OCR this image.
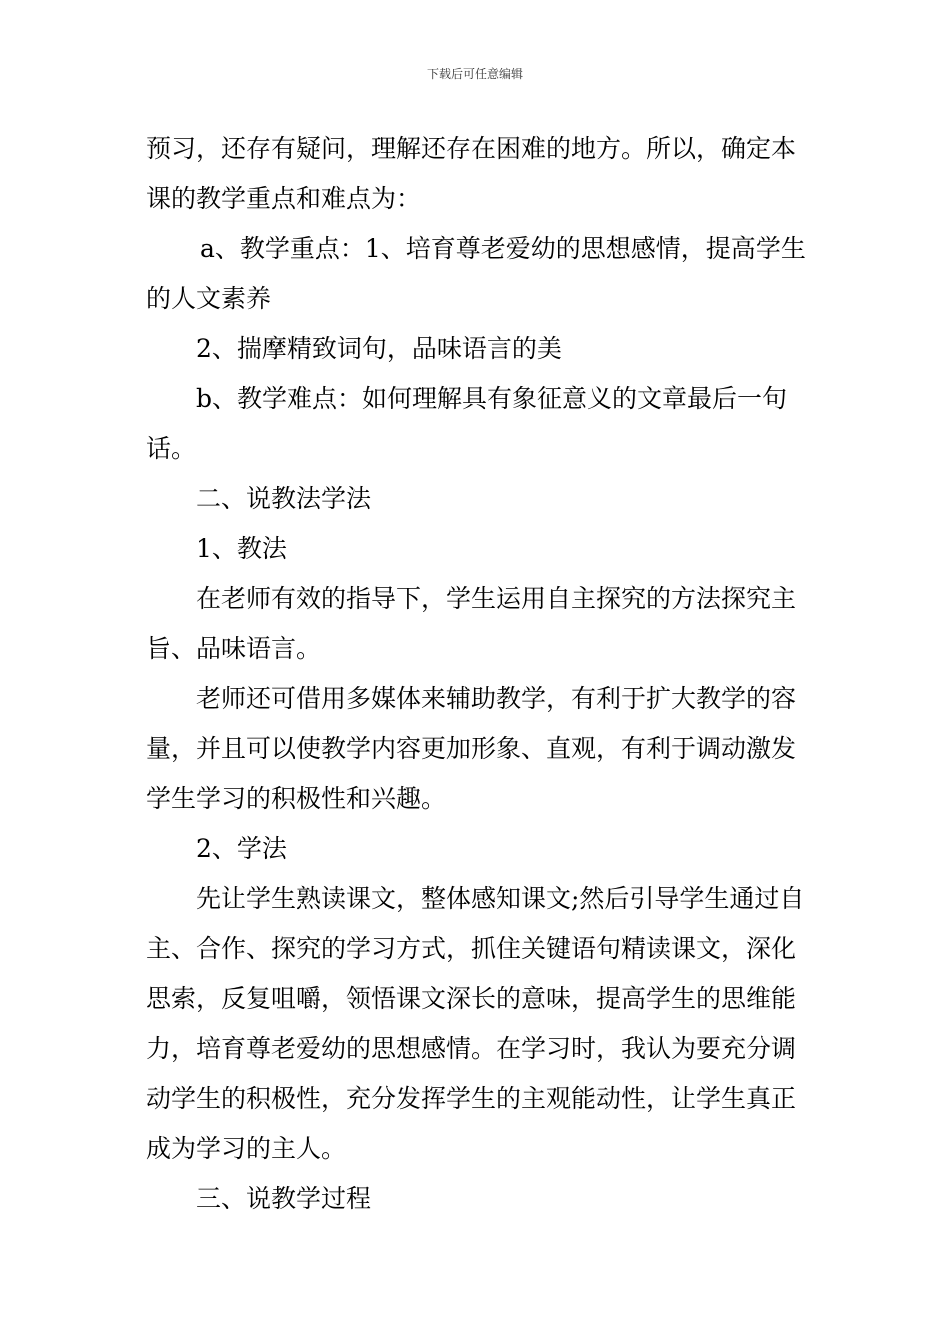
下载后可任意编辑

预习，还存有疑问，理解还存在困难的地方。所以，确定本课的教学重点和难点为：

a、教学重点：1、培育尊老爱幼的思想感情，提高学生的人文素养

2、揣摩精致词句，品味语言的美

b、教学难点：如何理解具有象征意义的文章最后一句话。

二、说教法学法

1、教法

在老师有效的指导下，学生运用自主探究的方法探究主旨、品味语言。

老师还可借用多媒体来辅助教学，有利于扩大教学的容量，并且可以使教学内容更加形象、直观，有利于调动激发学生学习的积极性和兴趣。

2、学法

先让学生熟读课文，整体感知课文;然后引导学生通过自主、合作、探究的学习方式，抓住关键语句精读课文，深化思索，反复咀嚼，领悟课文深长的意味，提高学生的思维能力，培育尊老爱幼的思想感情。在学习时，我认为要充分调动学生的积极性，充分发挥学生的主观能动性，让学生真正成为学习的主人。

三、说教学过程
